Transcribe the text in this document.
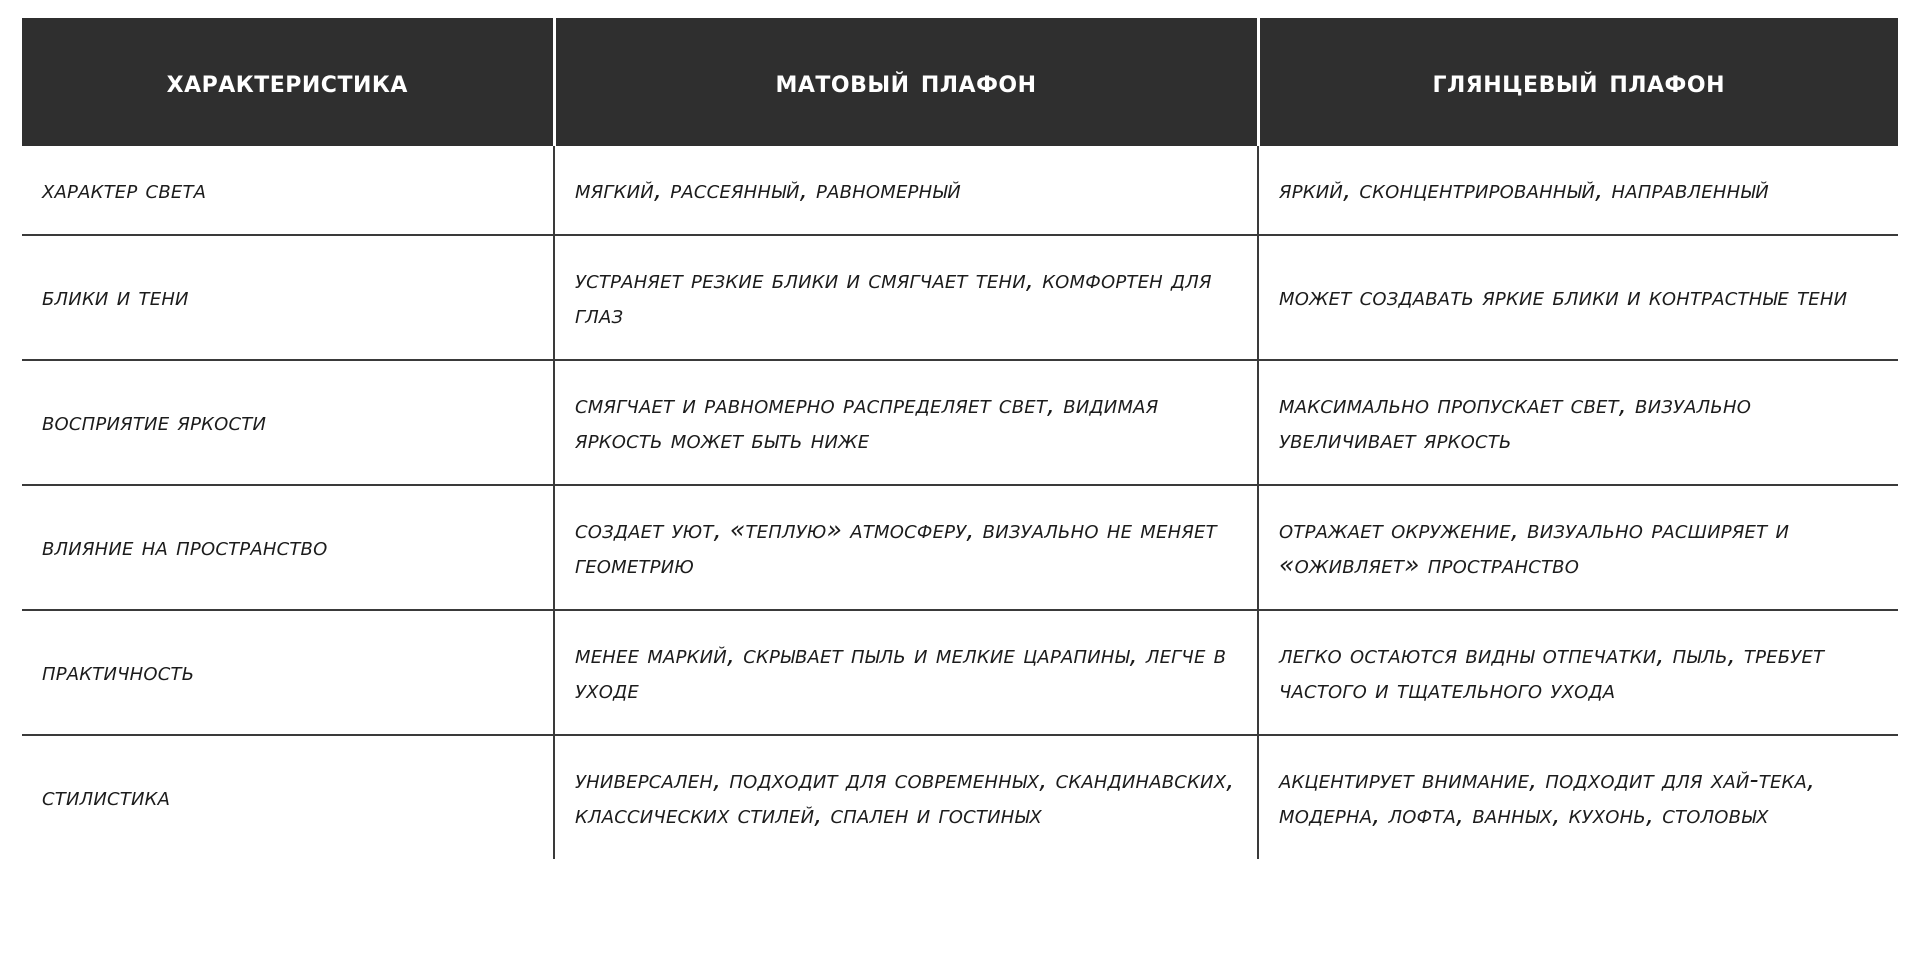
характеристика	матовый плафон	глянцевый плафон
характер света	мягкий, рассеянный, равномерный	яркий, сконцентрированный, направленный
блики и тени	устраняет резкие блики и смягчает тени, комфортен для глаз	может создавать яркие блики и контрастные тени
восприятие яркости	смягчает и равномерно распределяет свет, видимая яркость может быть ниже	максимально пропускает свет, визуально увеличивает яркость
влияние на пространство	создает уют, «теплую» атмосферу, визуально не меняет геометрию	отражает окружение, визуально расширяет и «оживляет» пространство
практичность	менее маркий, скрывает пыль и мелкие царапины, легче в уходе	легко остаются видны отпечатки, пыль, требует частого и тщательного ухода
стилистика	универсален, подходит для современных, скандинавских, классических стилей, спален и гостиных	акцентирует внимание, подходит для хай-тека, модерна, лофта, ванных, кухонь, столовых
